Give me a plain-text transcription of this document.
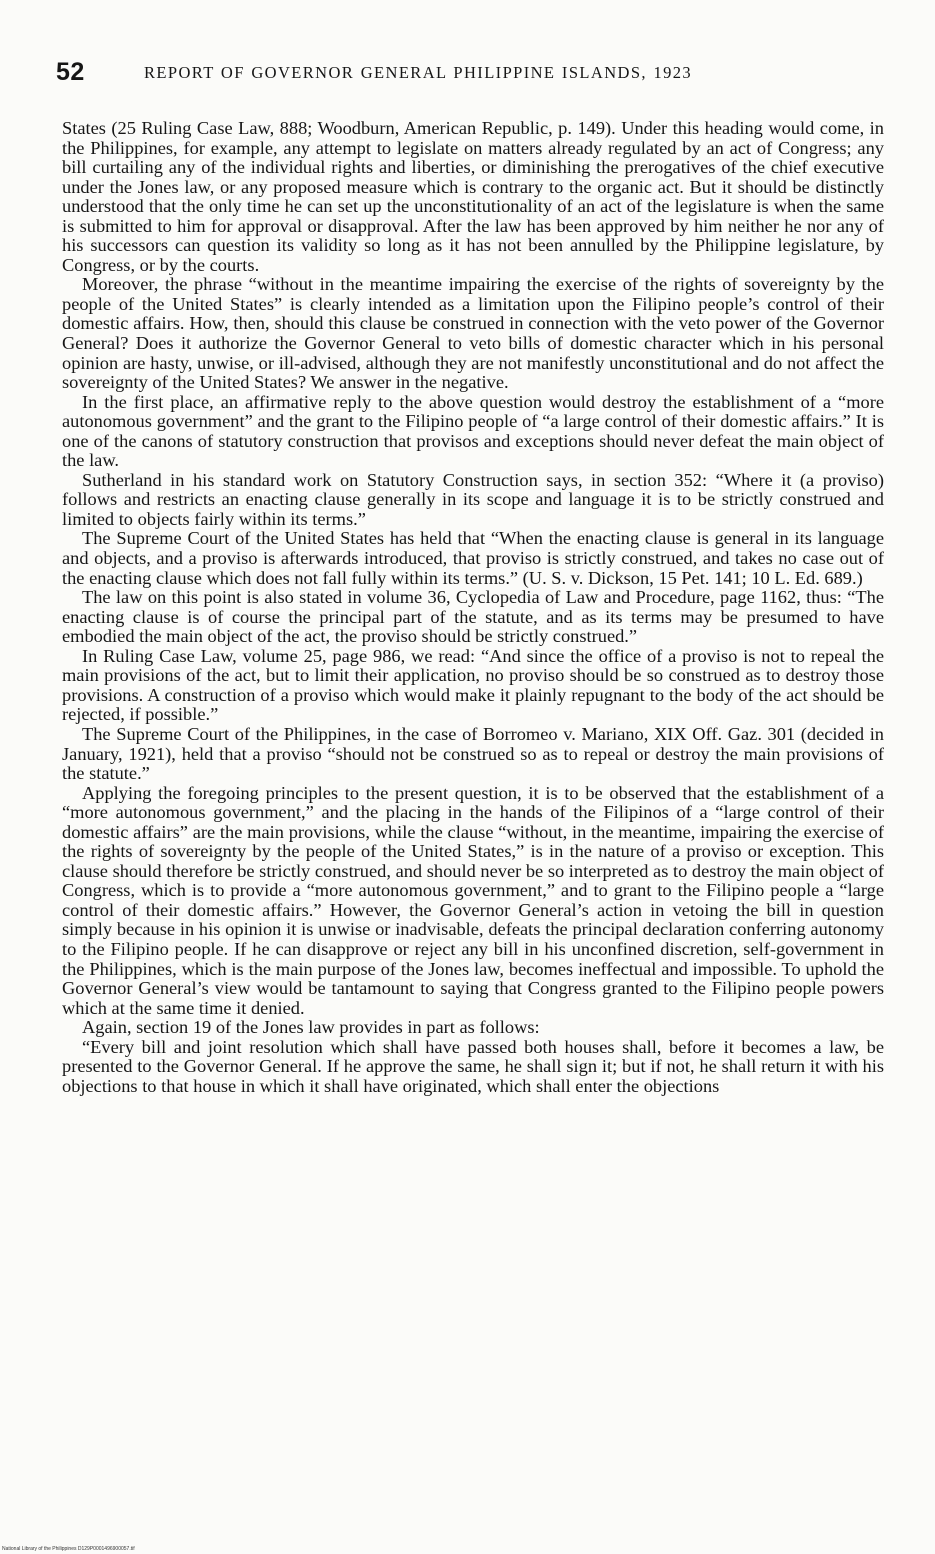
52	REPORT OF GOVERNOR GENERAL PHILIPPINE ISLANDS, 1923

States (25 Ruling Case Law, 888; Woodburn, American Republic, p. 149). Under this heading would come, in the Philippines, for example, any attempt to legislate on matters already regulated by an act of Congress; any bill curtailing any of the individual rights and liberties, or diminishing the prerogatives of the chief executive under the Jones law, or any proposed measure which is contrary to the organic act. But it should be distinctly understood that the only time he can set up the unconstitutionality of an act of the legislature is when the same is submitted to him for approval or disapproval. After the law has been approved by him neither he nor any of his successors can question its validity so long as it has not been annulled by the Philippine legislature, by Congress, or by the courts.

Moreover, the phrase “without in the meantime impairing the exercise of the rights of sovereignty by the people of the United States” is clearly intended as a limitation upon the Filipino people’s control of their domestic affairs. How, then, should this clause be construed in connection with the veto power of the Governor General? Does it authorize the Governor General to veto bills of domestic character which in his personal opinion are hasty, unwise, or ill-advised, although they are not manifestly unconstitutional and do not affect the sovereignty of the United States? We answer in the negative.

In the first place, an affirmative reply to the above question would destroy the establishment of a “more autonomous government” and the grant to the Filipino people of “a large control of their domestic affairs.” It is one of the canons of statutory construction that provisos and exceptions should never defeat the main object of the law.

Sutherland in his standard work on Statutory Construction says, in section 352: “Where it (a proviso) follows and restricts an enacting clause generally in its scope and language it is to be strictly construed and limited to objects fairly within its terms.”

The Supreme Court of the United States has held that “When the enacting clause is general in its language and objects, and a proviso is afterwards introduced, that proviso is strictly construed, and takes no case out of the enacting clause which does not fall fully within its terms.” (U. S. v. Dickson, 15 Pet. 141; 10 L. Ed. 689.)

The law on this point is also stated in volume 36, Cyclopedia of Law and Procedure, page 1162, thus: “The enacting clause is of course the principal part of the statute, and as its terms may be presumed to have embodied the main object of the act, the proviso should be strictly construed.”

In Ruling Case Law, volume 25, page 986, we read: “And since the office of a proviso is not to repeal the main provisions of the act, but to limit their application, no proviso should be so construed as to destroy those provisions. A construction of a proviso which would make it plainly repugnant to the body of the act should be rejected, if possible.”

The Supreme Court of the Philippines, in the case of Borromeo v. Mariano, XIX Off. Gaz. 301 (decided in January, 1921), held that a proviso “should not be construed so as to repeal or destroy the main provisions of the statute.”

Applying the foregoing principles to the present question, it is to be observed that the establishment of a “more autonomous government,” and the placing in the hands of the Filipinos of a “large control of their domestic affairs” are the main provisions, while the clause “without, in the meantime, impairing the exercise of the rights of sovereignty by the people of the United States,” is in the nature of a proviso or exception. This clause should therefore be strictly construed, and should never be so interpreted as to destroy the main object of Congress, which is to provide a “more autonomous government,” and to grant to the Filipino people a “large control of their domestic affairs.” However, the Governor General’s action in vetoing the bill in question simply because in his opinion it is unwise or inadvisable, defeats the principal declaration conferring autonomy to the Filipino people. If he can disapprove or reject any bill in his unconfined discretion, self-government in the Philippines, which is the main purpose of the Jones law, becomes ineffectual and impossible. To uphold the Governor General’s view would be tantamount to saying that Congress granted to the Filipino people powers which at the same time it denied.

Again, section 19 of the Jones law provides in part as follows:

“Every bill and joint resolution which shall have passed both houses shall, before it becomes a law, be presented to the Governor General. If he approve the same, he shall sign it; but if not, he shall return it with his objections to that house in which it shall have originated, which shall enter the objections

National Library of the Philippines D129P0001496900057.tif
